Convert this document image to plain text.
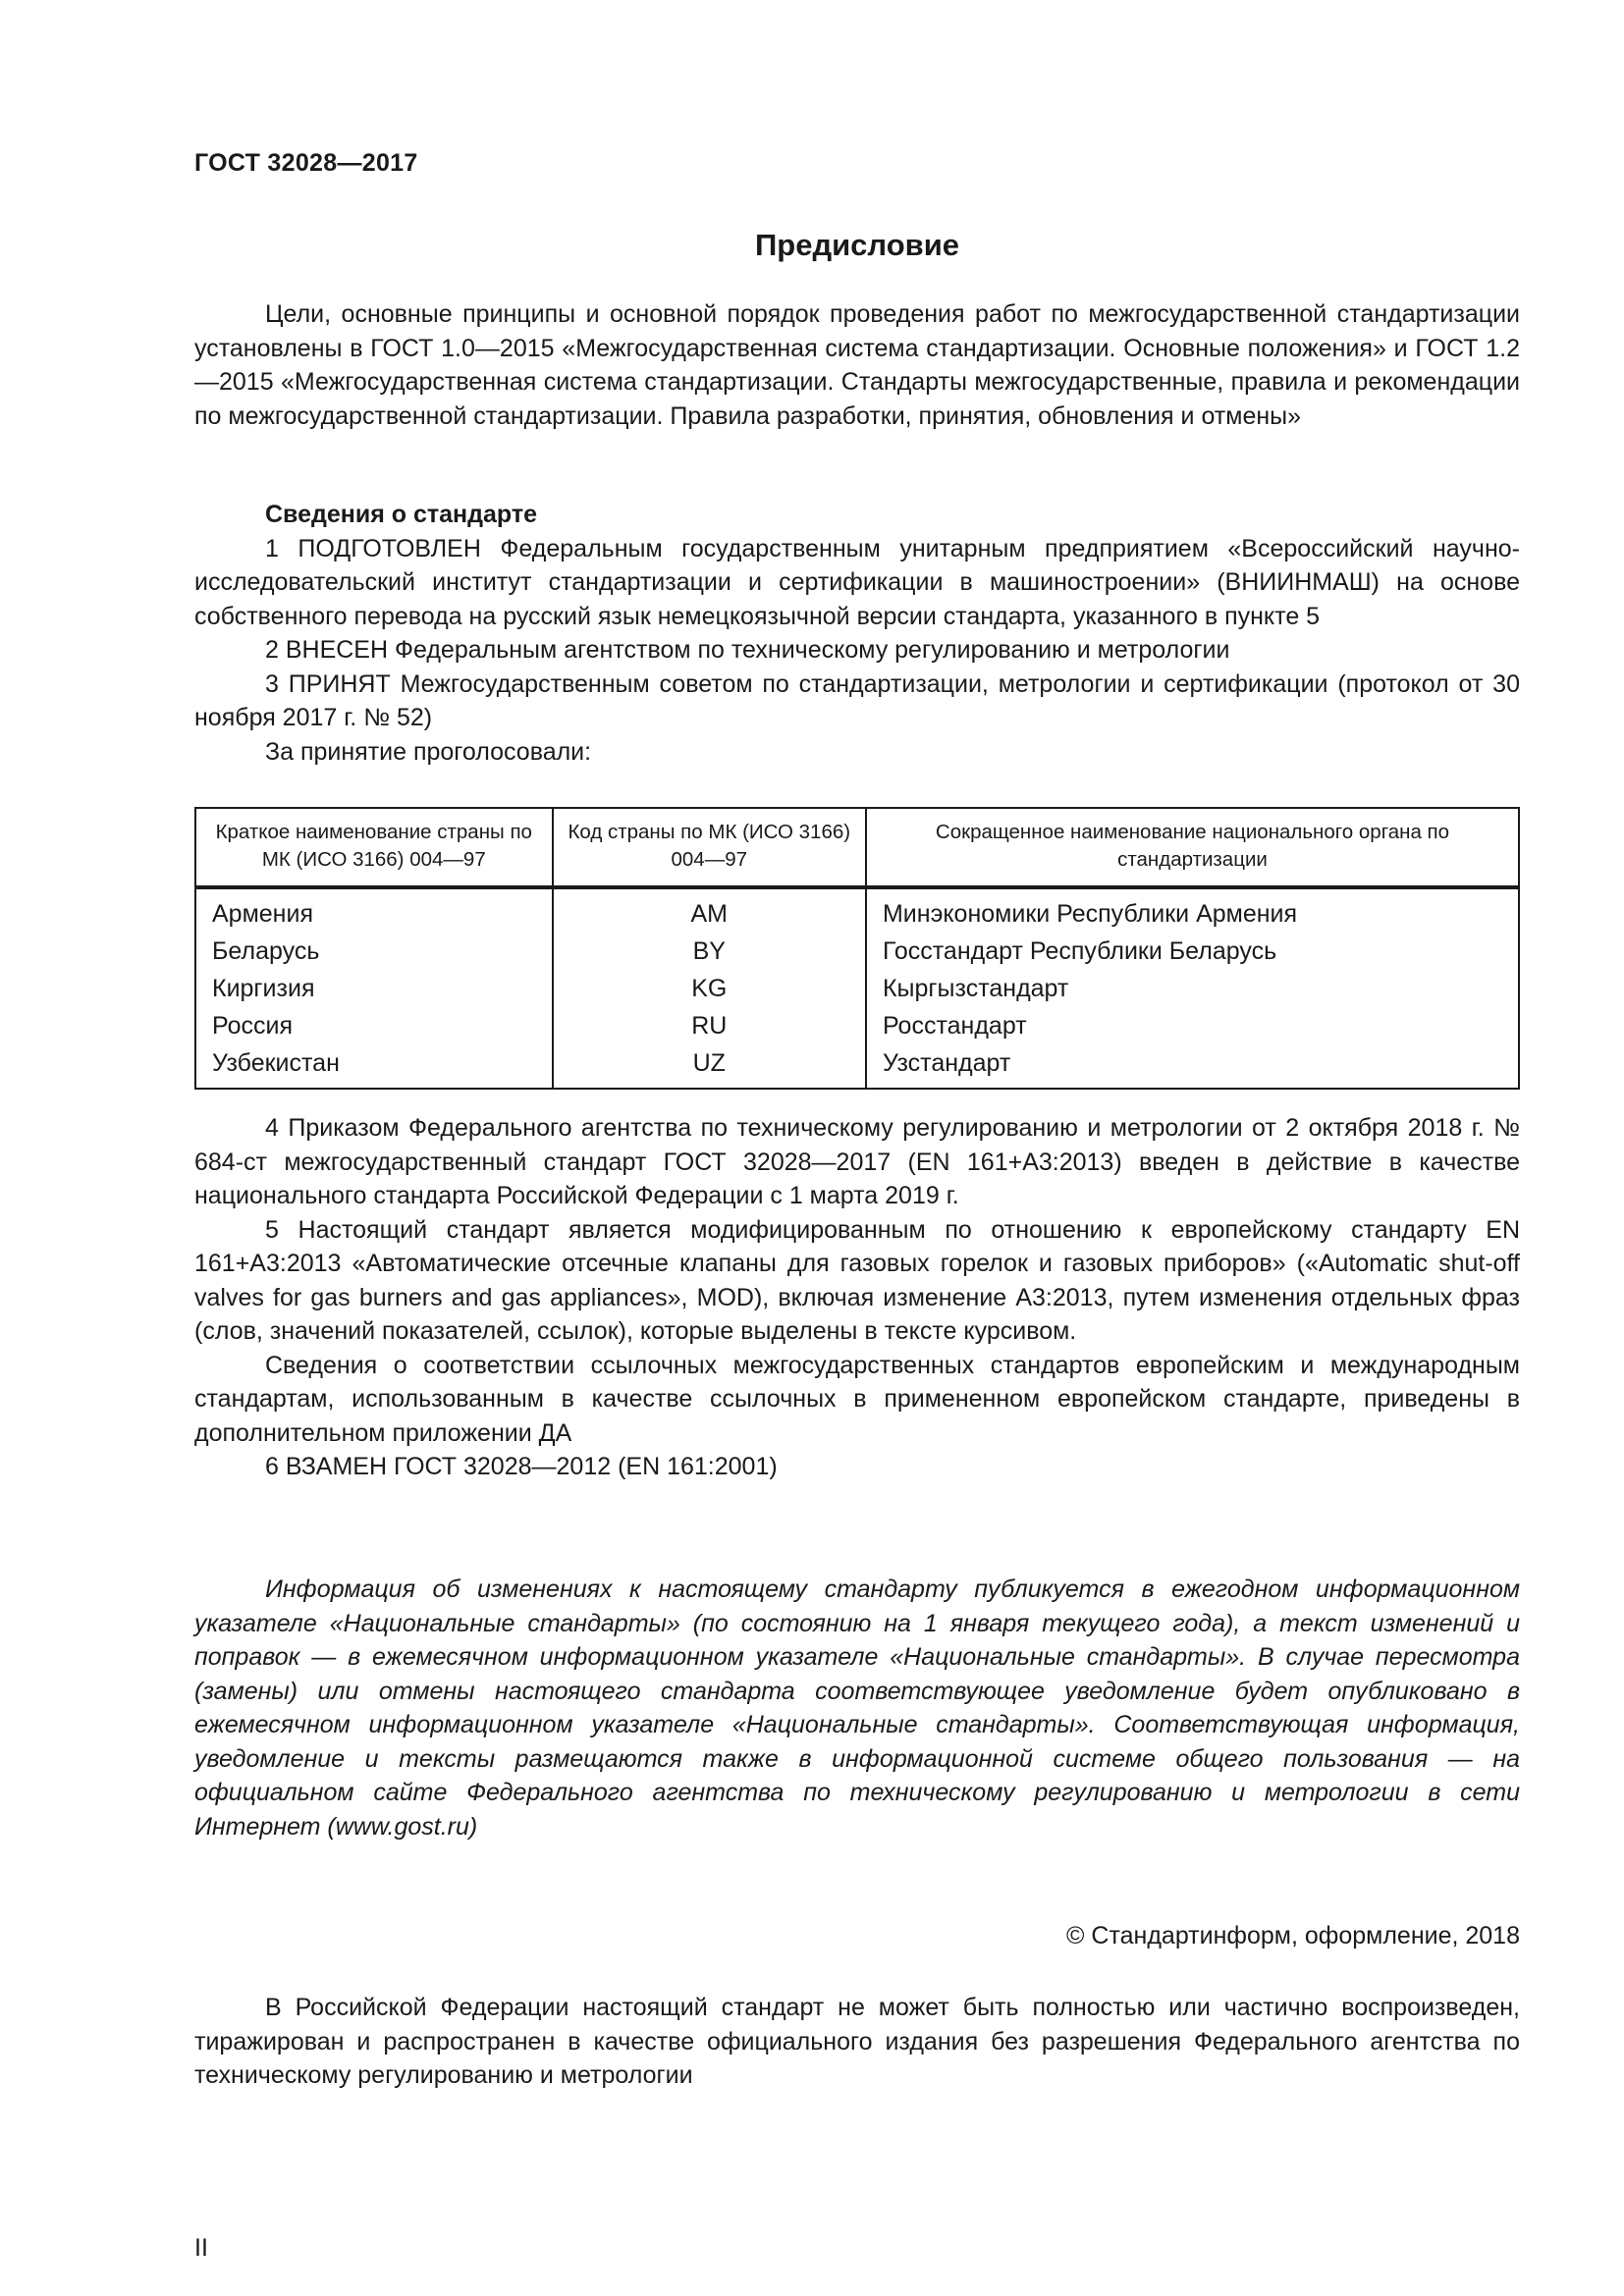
ГОСТ 32028—2017
Предисловие

Цели, основные принципы и основной порядок проведения работ по межгосударственной стандартизации установлены в ГОСТ 1.0—2015 «Межгосударственная система стандартизации. Основные положения» и ГОСТ 1.2—2015 «Межгосударственная система стандартизации. Стандарты межгосударственные, правила и рекомендации по межгосударственной стандартизации. Правила разработки, принятия, обновления и отмены»

Сведения о стандарте

1 ПОДГОТОВЛЕН Федеральным государственным унитарным предприятием «Всероссийский научно-исследовательский институт стандартизации и сертификации в машиностроении» (ВНИИНМАШ) на основе собственного перевода на русский язык немецкоязычной версии стандарта, указанного в пункте 5

2 ВНЕСЕН Федеральным агентством по техническому регулированию и метрологии

3 ПРИНЯТ Межгосударственным советом по стандартизации, метрологии и сертификации (протокол от 30 ноября 2017 г. № 52)

За принятие проголосовали:

Краткое наименование страны по МК (ИСО 3166) 004—97	Код страны по МК (ИСО 3166) 004—97	Сокращенное наименование национального органа по стандартизации

Армения	AM	Минэкономики Республики Армения
Беларусь	BY	Госстандарт Республики Беларусь
Киргизия	KG	Кыргызстандарт
Россия	RU	Росстандарт
Узбекистан	UZ	Узстандарт

4 Приказом Федерального агентства по техническому регулированию и метрологии от 2 октября 2018 г. № 684-ст межгосударственный стандарт ГОСТ 32028—2017 (EN 161+A3:2013) введен в действие в качестве национального стандарта Российской Федерации с 1 марта 2019 г.

5 Настоящий стандарт является модифицированным по отношению к европейскому стандарту EN 161+A3:2013 «Автоматические отсечные клапаны для газовых горелок и газовых приборов» («Automatic shut-off valves for gas burners and gas appliances», MOD), включая изменение A3:2013, путем изменения отдельных фраз (слов, значений показателей, ссылок), которые выделены в тексте курсивом.

Сведения о соответствии ссылочных межгосударственных стандартов европейским и международным стандартам, использованным в качестве ссылочных в примененном европейском стандарте, приведены в дополнительном приложении ДА

6 ВЗАМЕН ГОСТ 32028—2012 (EN 161:2001)

Информация об изменениях к настоящему стандарту публикуется в ежегодном информационном указателе «Национальные стандарты» (по состоянию на 1 января текущего года), а текст изменений и поправок — в ежемесячном информационном указателе «Национальные стандарты». В случае пересмотра (замены) или отмены настоящего стандарта соответствующее уведомление будет опубликовано в ежемесячном информационном указателе «Национальные стандарты». Соответствующая информация, уведомление и тексты размещаются также в информационной системе общего пользования — на официальном сайте Федерального агентства по техническому регулированию и метрологии в сети Интернет (www.gost.ru)

© Стандартинформ, оформление, 2018

В Российской Федерации настоящий стандарт не может быть полностью или частично воспроизведен, тиражирован и распространен в качестве официального издания без разрешения Федерального агентства по техническому регулированию и метрологии

II
